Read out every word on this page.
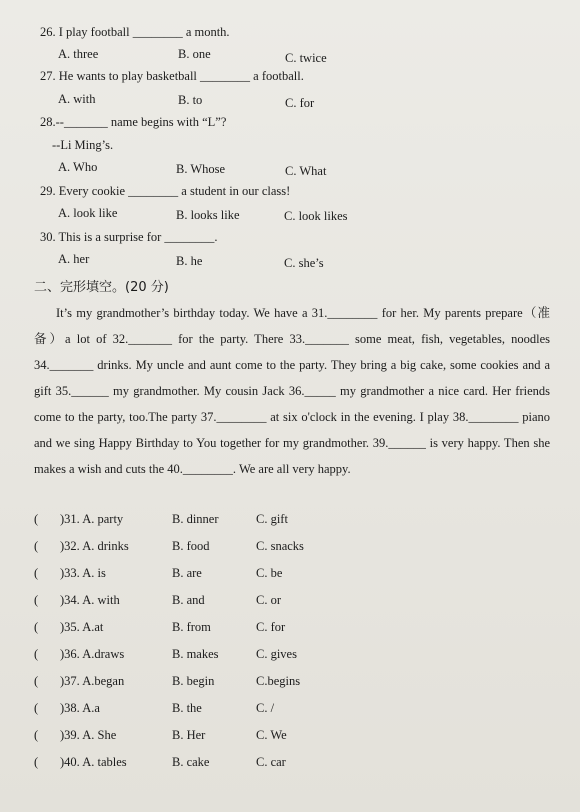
26. I play football ________ a month.
A. three	B. one	C. twice
27. He wants to play basketball ________ a football.
A. with	B. to	C. for
28.--_______ name begins with “L”?
--Li Ming’s.
A. Who	B. Whose	C. What
29. Every cookie ________ a student in our class!
A. look like	B. looks like	C. look likes
30. This is a surprise for ________.
A. her	B. he	C. she’s
二、完形填空。(20 分)

It’s my grandmother’s birthday today. We have a 31.________ for her. My parents prepare（准备）a lot of 32._______ for the party. There 33._______ some meat, fish, vegetables, noodles 34._______ drinks. My uncle and aunt come to the party. They bring a big cake, some cookies and a gift 35.______ my grandmother. My cousin Jack 36._____ my grandmother a nice card. Her friends come to the party, too.The party 37.________ at six o'clock in the evening. I play 38.________ piano and we sing Happy Birthday to You together for my grandmother. 39.______ is very happy. Then she makes a wish and cuts the 40.________. We are all very happy.

( )31. A. party	B. dinner	C. gift
( )32. A. drinks	B. food	C. snacks
( )33. A. is	B. are	C. be
( )34. A. with	B. and	C. or
( )35. A.at	B. from	C. for
( )36. A.draws	B. makes	C. gives
( )37. A.began	B. begin	C.begins
( )38. A.a	B. the	C. /
( )39. A. She	B. Her	C. We
( )40. A. tables	B. cake	C. car
